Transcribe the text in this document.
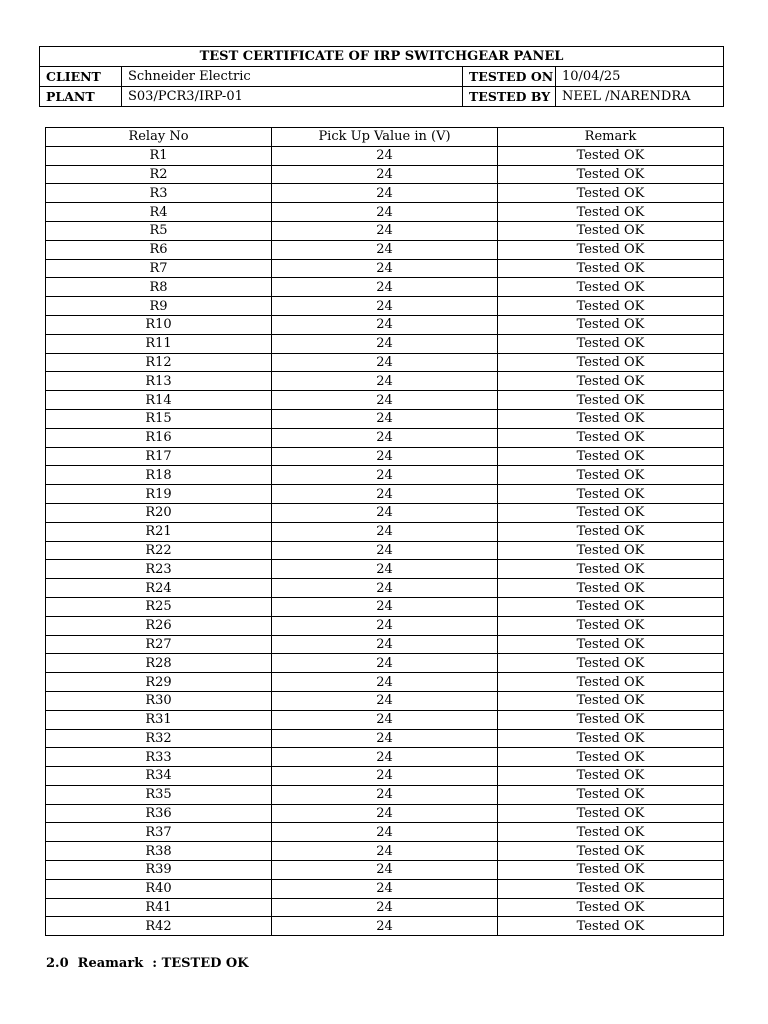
TEST CERTIFICATE OF IRP SWITCHGEAR PANEL			
CLIENT	Schneider Electric	TESTED ON	10/04/25
PLANT	S03/PCR3/IRP-01	TESTED BY	NEEL /NARENDRA
Relay No	Pick Up Value in (V)	Remark
R1	24	Tested OK
R2	24	Tested OK
R3	24	Tested OK
R4	24	Tested OK
R5	24	Tested OK
R6	24	Tested OK
R7	24	Tested OK
R8	24	Tested OK
R9	24	Tested OK
R10	24	Tested OK
R11	24	Tested OK
R12	24	Tested OK
R13	24	Tested OK
R14	24	Tested OK
R15	24	Tested OK
R16	24	Tested OK
R17	24	Tested OK
R18	24	Tested OK
R19	24	Tested OK
R20	24	Tested OK
R21	24	Tested OK
R22	24	Tested OK
R23	24	Tested OK
R24	24	Tested OK
R25	24	Tested OK
R26	24	Tested OK
R27	24	Tested OK
R28	24	Tested OK
R29	24	Tested OK
R30	24	Tested OK
R31	24	Tested OK
R32	24	Tested OK
R33	24	Tested OK
R34	24	Tested OK
R35	24	Tested OK
R36	24	Tested OK
R37	24	Tested OK
R38	24	Tested OK
R39	24	Tested OK
R40	24	Tested OK
R41	24	Tested OK
R42	24	Tested OK
2.0  Reamark  : TESTED OK
